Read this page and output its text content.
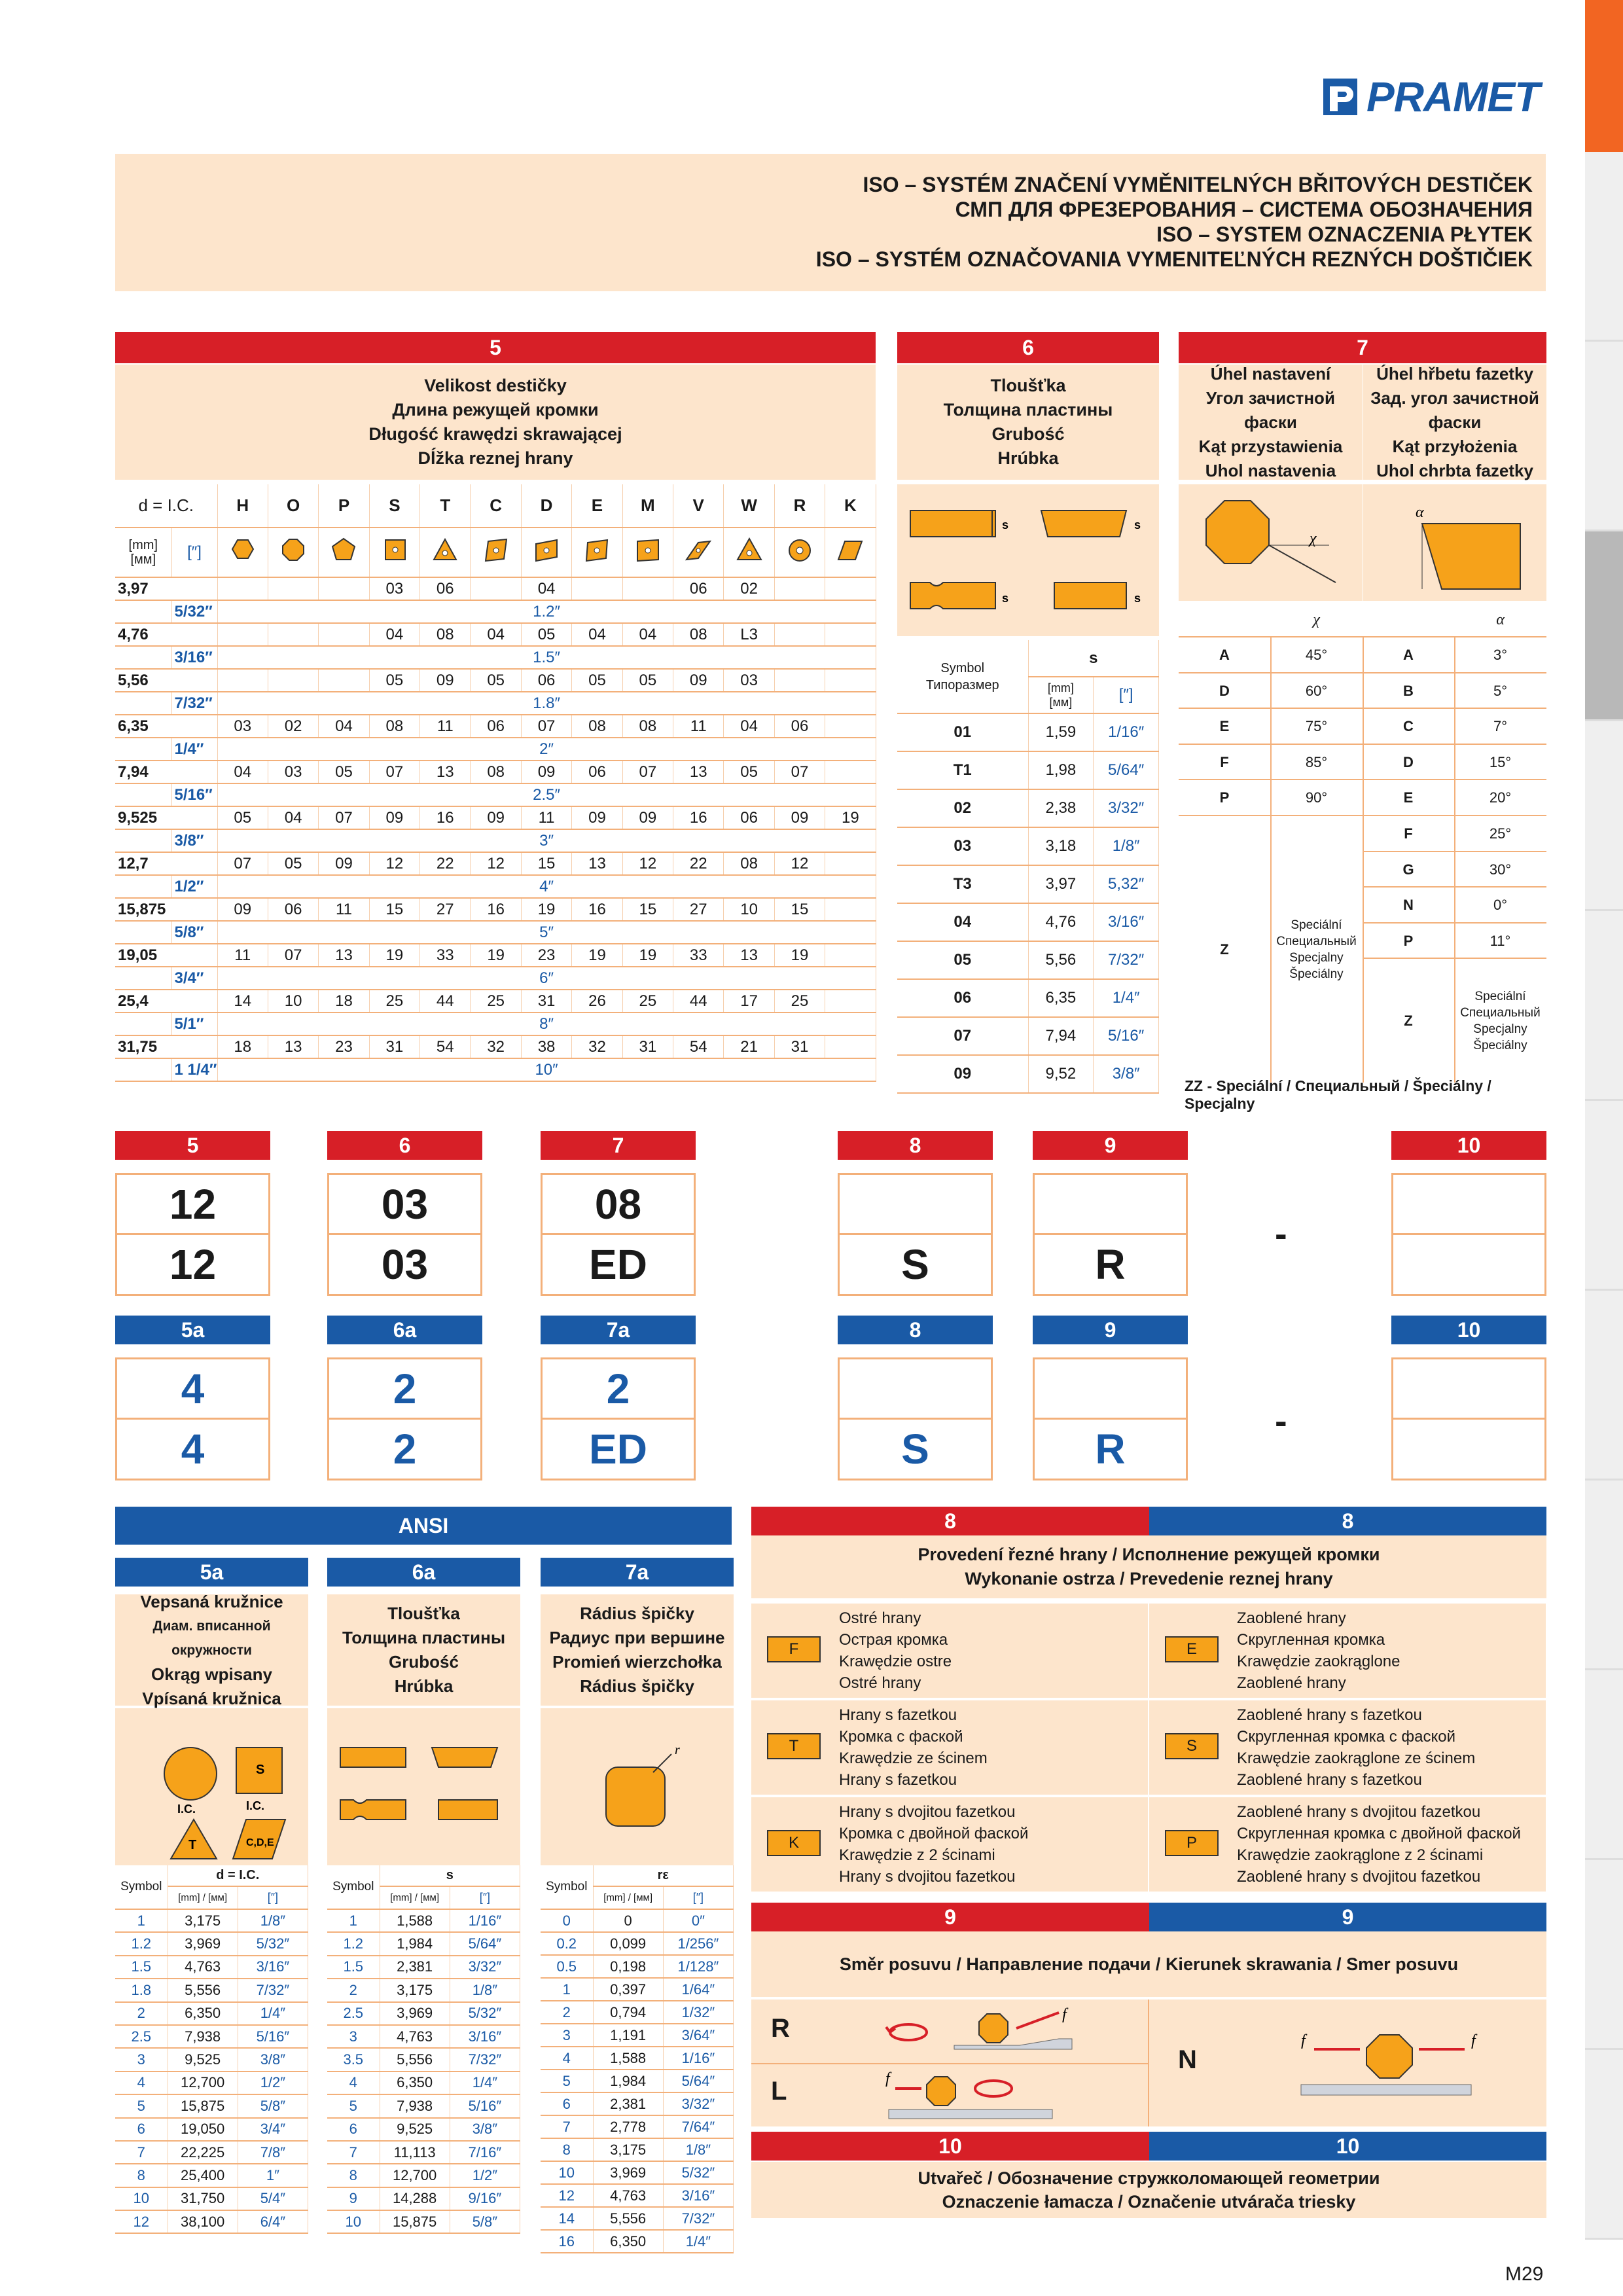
PRAMET
ISO – SYSTÉM ZNAČENÍ VYMĚNITELNÝCH BŘITOVÝCH DESTIČEK
СМП ДЛЯ ФРЕЗЕРОВАНИЯ – СИСТЕМА ОБОЗНАЧЕНИЯ
ISO – SYSTEM OZNACZENIA PŁYTEK
ISO – SYSTÉM OZNAČOVANIA VYMENITEĽNÝCH REZNÝCH DOŠTIČIEK
5
Velikost destičky
Длина режущей кромки
Długość krawędzi skrawającej
Dĺžka reznej hrany
d = I.C.		H	O	P	S	T	C	D	E	M	V	W	R	K

[mm]
[мм]	[″]													
3,97					03	06		04			06	02		
	5/32″	1.2″												
4,76					04	08	04	05	04	04	08	L3		
	3/16″	1.5″												
5,56					05	09	05	06	05	05	09	03		
	7/32″	1.8″												
6,35		03	02	04	08	11	06	07	08	08	11	04	06	
	1/4″	2″												
7,94		04	03	05	07	13	08	09	06	07	13	05	07	
	5/16″	2.5″												
9,525		05	04	07	09	16	09	11	09	09	16	06	09	19
	3/8″	3″												
12,7		07	05	09	12	22	12	15	13	12	22	08	12	
	1/2″	4″												
15,875		09	06	11	15	27	16	19	16	15	27	10	15	
	5/8″	5″												
19,05		11	07	13	19	33	19	23	19	19	33	13	19	
	3/4″	6″												
25,4		14	10	18	25	44	25	31	26	25	44	17	25	
	5/1″	8″												
31,75		18	13	23	31	54	32	38	32	31	54	21	31	
	1 1/4″	10″												
6
Tloušťka
Толщина пластины
Grubość
Hrúbka
s	s
s	s
Symbol
Типоразмер	s	

	[mm]
[мм]	[″]
01	1,59	1/16″
T1	1,98	5/64″
02	2,38	3/32″
03	3,18	1/8″
T3	3,97	5,32″
04	4,76	3/16″
05	5,56	7/32″
06	6,35	1/4″
07	7,94	5/16″
09	9,52	3/8″
7
Úhel nastavení
Угол зачистной фаски
Kąt przystawienia
Uhol nastavenia
Úhel hřbetu fazetky
Зад. угол зачистной фаски
Kąt przyłożenia
Uhol chrbta fazetky
χ
α
χ	α
A	45°
D	60°
E	75°
F	85°
P	90°
A	3°
B	5°
C	7°
D	15°
E	20°
F	25°
G	30°
N	0°
P	11°
Z
Speciální
Специальный
Specjalny
Špeciálny
Z
Speciální
Специальный
Specjalny
Špeciálny
ZZ - Speciální / Специальный / Špeciálny / Specjalny
5
12
12
6
03
03
7
08
ED
8
S
9
R
10
5a
4
4
6a
2
2
7a
2
ED
8
S
9
R
10
-
-
ANSI
5a
Vepsaná kružnice
Диам. вписанной окружности
Okrąg wpisany
Vpísaná kružnica
I.C.
S
I.C.
T	C,D,E
Symbol	d = I.C.	
	[mm] / [мм]	[″]
1	3,175	1/8″
1.2	3,969	5/32″
1.5	4,763	3/16″
1.8	5,556	7/32″
2	6,350	1/4″
2.5	7,938	5/16″
3	9,525	3/8″
4	12,700	1/2″
5	15,875	5/8″
6	19,050	3/4″
7	22,225	7/8″
8	25,400	1″
10	31,750	5/4″
12	38,100	6/4″
6a
Tloušťka
Толщина пластины
Grubość
Hrúbka
Symbol	s	
	[mm] / [мм]	[″]
1	1,588	1/16″
1.2	1,984	5/64″
1.5	2,381	3/32″
2	3,175	1/8″
2.5	3,969	5/32″
3	4,763	3/16″
3.5	5,556	7/32″
4	6,350	1/4″
5	7,938	5/16″
6	9,525	3/8″
7	11,113	7/16″
8	12,700	1/2″
9	14,288	9/16″
10	15,875	5/8″
7a
Rádius špičky
Радиус при вершине
Promień wierzchołka
Rádius špičky
r
Symbol	rε	
	[mm] / [мм]	[″]
0	0	0″
0.2	0,099	1/256″
0.5	0,198	1/128″
1	0,397	1/64″
2	0,794	1/32″
3	1,191	3/64″
4	1,588	1/16″
5	1,984	5/64″
6	2,381	3/32″
7	2,778	7/64″
8	3,175	1/8″
10	3,969	5/32″
12	4,763	3/16″
14	5,556	7/32″
16	6,350	1/4″
8	8
Provedení řezné hrany / Исполнение режущей кромки
Wykonanie ostrza / Prevedenie reznej hrany
F
Ostré hrany
Острая кромка
Krawędzie ostre
Ostré hrany
E
Zaoblené hrany
Скругленная кромка
Krawędzie zaokrąglone
Zaoblené hrany
T
Hrany s fazetkou
Кромка с фаской
Krawędzie ze ścinem
Hrany s fazetkou
S
Zaoblené hrany s fazetkou
Скругленная кромка с фаской
Krawędzie zaokrąglone ze ścinem
Zaoblené hrany s fazetkou
K
Hrany s dvojitou fazetkou
Кромка с двойной фаской
Krawędzie z 2 ścinami
Hrany s dvojitou fazetkou
P
Zaoblené hrany s dvojitou fazetkou
Скругленная кромка с двойной фаской
Krawędzie zaokrąglone z 2 ścinami
Zaoblené hrany s dvojitou fazetkou
9	9
Směr posuvu / Направление подачи / Kierunek skrawania / Smer posuvu
R
L
N
f
f
f	f
10	10
Utvařeč / Обозначение стружколомающей геометрии
Oznaczenie łamacza / Označenie utvárača triesky
M29
